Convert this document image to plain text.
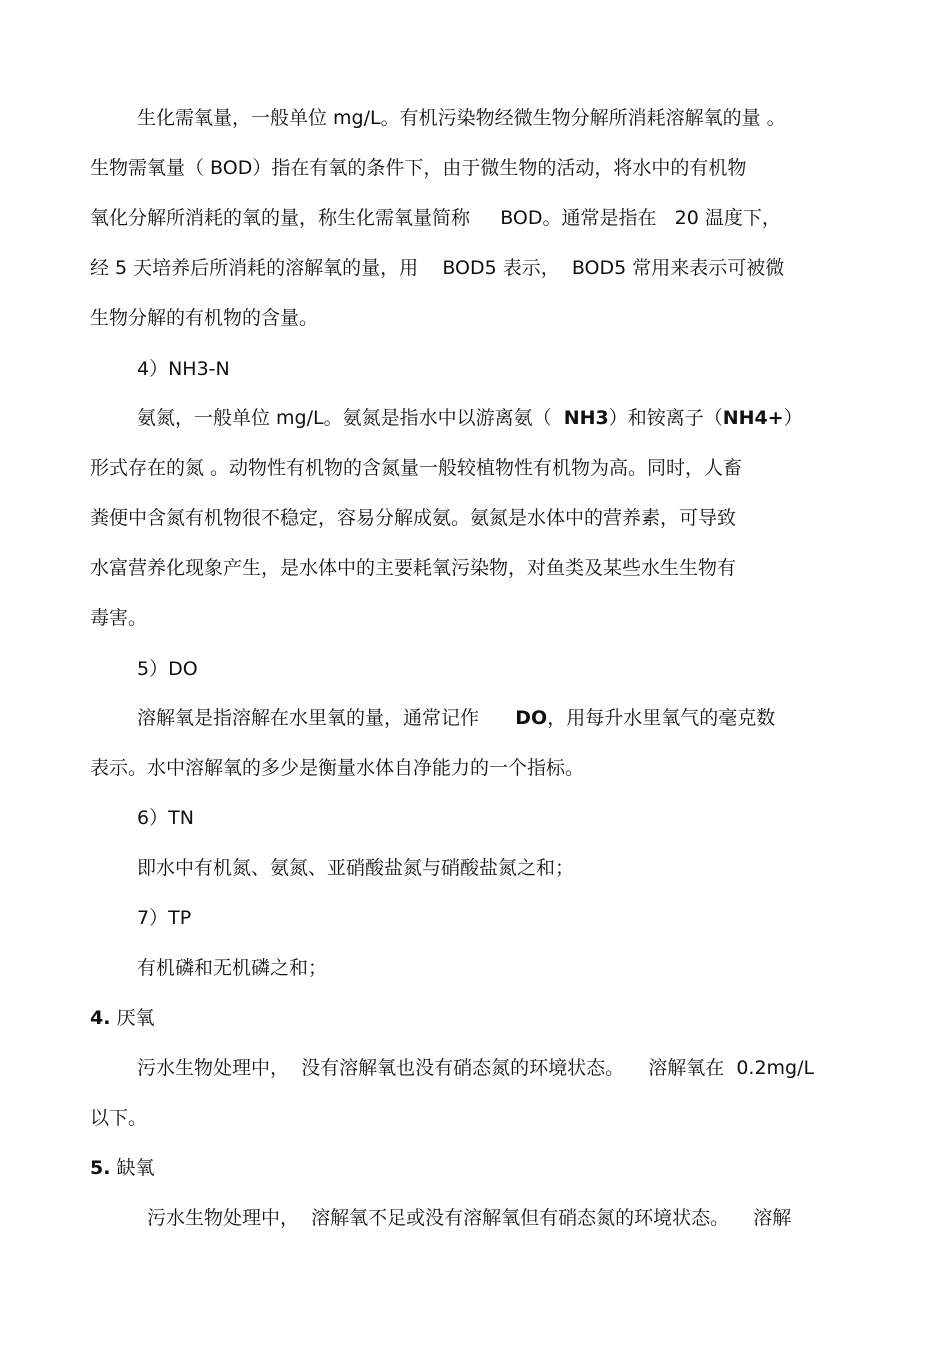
生化需氧量，一般单位 mg/L。有机污染物经微生物分解所消耗溶解氧的量 。
生物需氧量（ BOD）指在有氧的条件下，由于微生物的活动，将水中的有机物
氧化分解所消耗的氧的量，称生化需氧量简称     BOD。通常是指在   20 温度下，
经 5 天培养后所消耗的溶解氧的量，用    BOD5 表示，  BOD5 常用来表示可被微
生物分解的有机物的含量。
4）NH3-N
氨氮，一般单位 mg/L。氨氮是指水中以游离氨（  NH3）和铵离子（NH4+）
形式存在的氮 。动物性有机物的含氮量一般较植物性有机物为高。同时，人畜
粪便中含氮有机物很不稳定，容易分解成氨。氨氮是水体中的营养素，可导致
水富营养化现象产生，是水体中的主要耗氧污染物，对鱼类及某些水生生物有
毒害。
5）DO
溶解氧是指溶解在水里氧的量，通常记作      DO，用每升水里氧气的毫克数
表示。水中溶解氧的多少是衡量水体自净能力的一个指标。
6）TN
即水中有机氮、氨氮、亚硝酸盐氮与硝酸盐氮之和；
7）TP
有机磷和无机磷之和；
4. 厌氧
污水生物处理中，  没有溶解氧也没有硝态氮的环境状态。    溶解氧在  0.2mg/L
以下。
5. 缺氧
污水生物处理中，  溶解氧不足或没有溶解氧但有硝态氮的环境状态。    溶解
